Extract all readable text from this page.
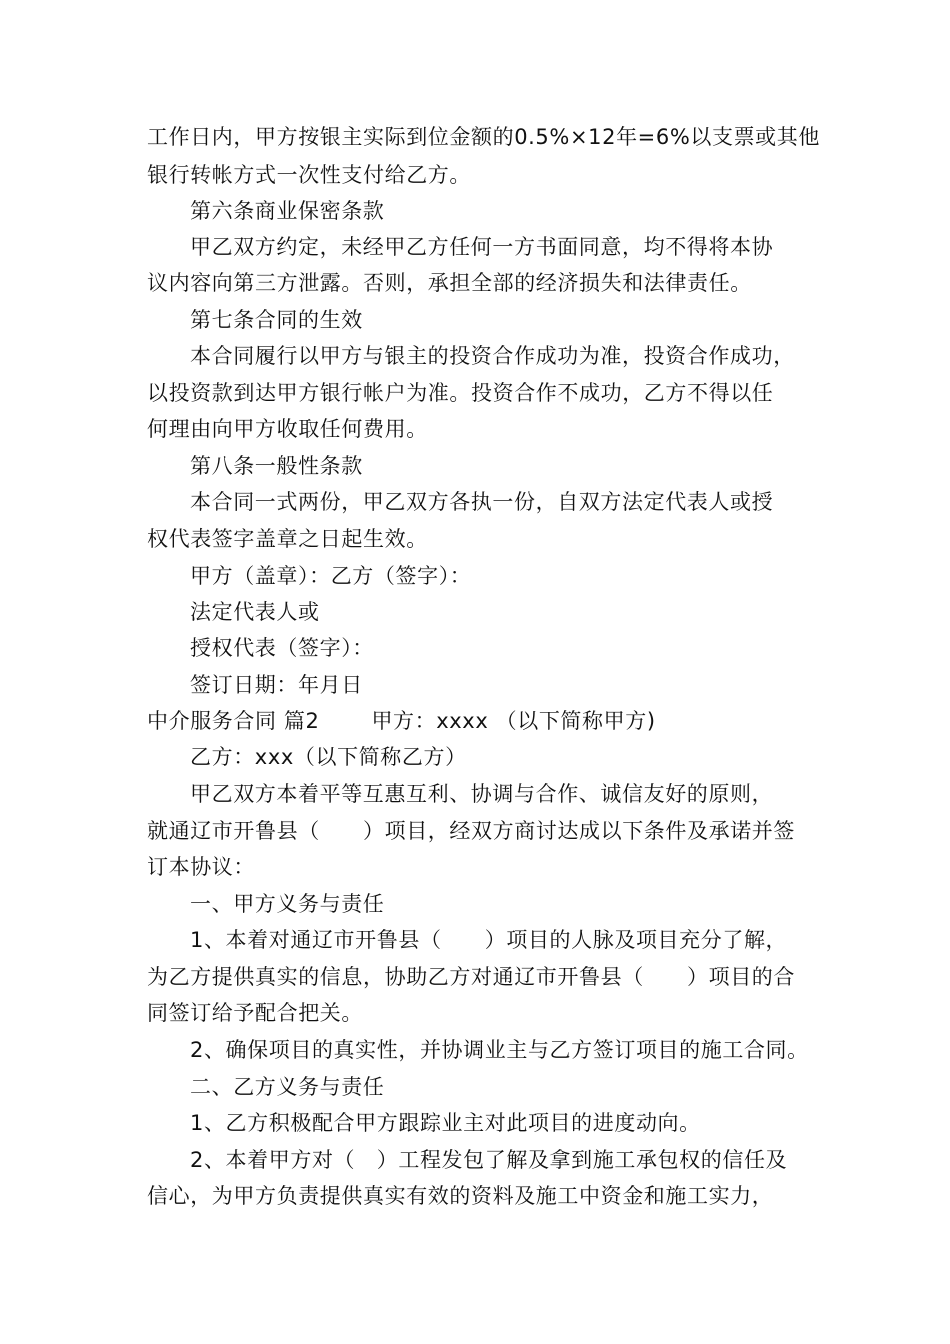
工作日内，甲方按银主实际到位金额的0.5%×12年=6%以支票或其他
银行转帐方式一次性支付给乙方。
第六条商业保密条款
甲乙双方约定，未经甲乙方任何一方书面同意，均不得将本协
议内容向第三方泄露。否则，承担全部的经济损失和法律责任。
第七条合同的生效
本合同履行以甲方与银主的投资合作成功为准，投资合作成功，
以投资款到达甲方银行帐户为准。投资合作不成功，乙方不得以任
何理由向甲方收取任何费用。
第八条一般性条款
本合同一式两份，甲乙双方各执一份，自双方法定代表人或授
权代表签字盖章之日起生效。
甲方（盖章）：乙方（签字）：
法定代表人或
授权代表（签字）：
签订日期：年月日
中介服务合同 篇2 甲方：xxxx （以下简称甲方)
乙方：xxx（以下简称乙方）
甲乙双方本着平等互惠互利、协调与合作、诚信友好的原则，
就通辽市开鲁县（　　）项目，经双方商讨达成以下条件及承诺并签
订本协议：
一、甲方义务与责任
1、本着对通辽市开鲁县（　　）项目的人脉及项目充分了解，
为乙方提供真实的信息，协助乙方对通辽市开鲁县（　　）项目的合
同签订给予配合把关。
2、确保项目的真实性，并协调业主与乙方签订项目的施工合同。
二、乙方义务与责任
1、乙方积极配合甲方跟踪业主对此项目的进度动向。
2、本着甲方对（　）工程发包了解及拿到施工承包权的信任及
信心，为甲方负责提供真实有效的资料及施工中资金和施工实力，
